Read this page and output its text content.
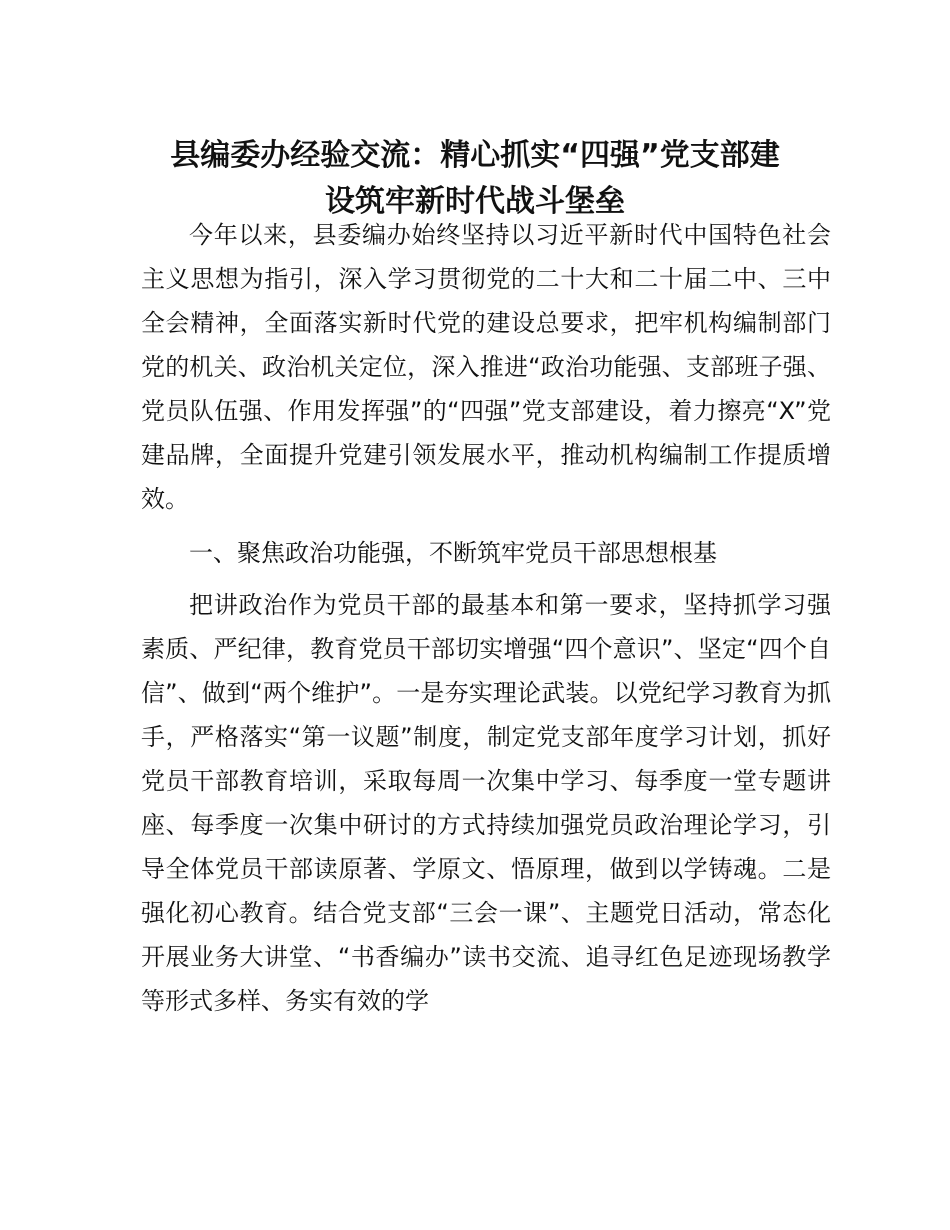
县编委办经验交流：精心抓实“四强”党支部建
设筑牢新时代战斗堡垒

今年以来，县委编办始终坚持以习近平新时代中国特色社会主义思想为指引，深入学习贯彻党的二十大和二十届二中、三中全会精神，全面落实新时代党的建设总要求，把牢机构编制部门党的机关、政治机关定位，深入推进“政治功能强、支部班子强、党员队伍强、作用发挥强”的“四强”党支部建设，着力擦亮“X”党建品牌，全面提升党建引领发展水平，推动机构编制工作提质增效。

一、聚焦政治功能强，不断筑牢党员干部思想根基

把讲政治作为党员干部的最基本和第一要求，坚持抓学习强素质、严纪律，教育党员干部切实增强“四个意识”、坚定“四个自信”、做到“两个维护”。一是夯实理论武装。以党纪学习教育为抓手，严格落实“第一议题”制度，制定党支部年度学习计划，抓好党员干部教育培训，采取每周一次集中学习、每季度一堂专题讲座、每季度一次集中研讨的方式持续加强党员政治理论学习，引导全体党员干部读原著、学原文、悟原理，做到以学铸魂。二是强化初心教育。结合党支部“三会一课”、主题党日活动，常态化开展业务大讲堂、“书香编办”读书交流、追寻红色足迹现场教学等形式多样、务实有效的学
